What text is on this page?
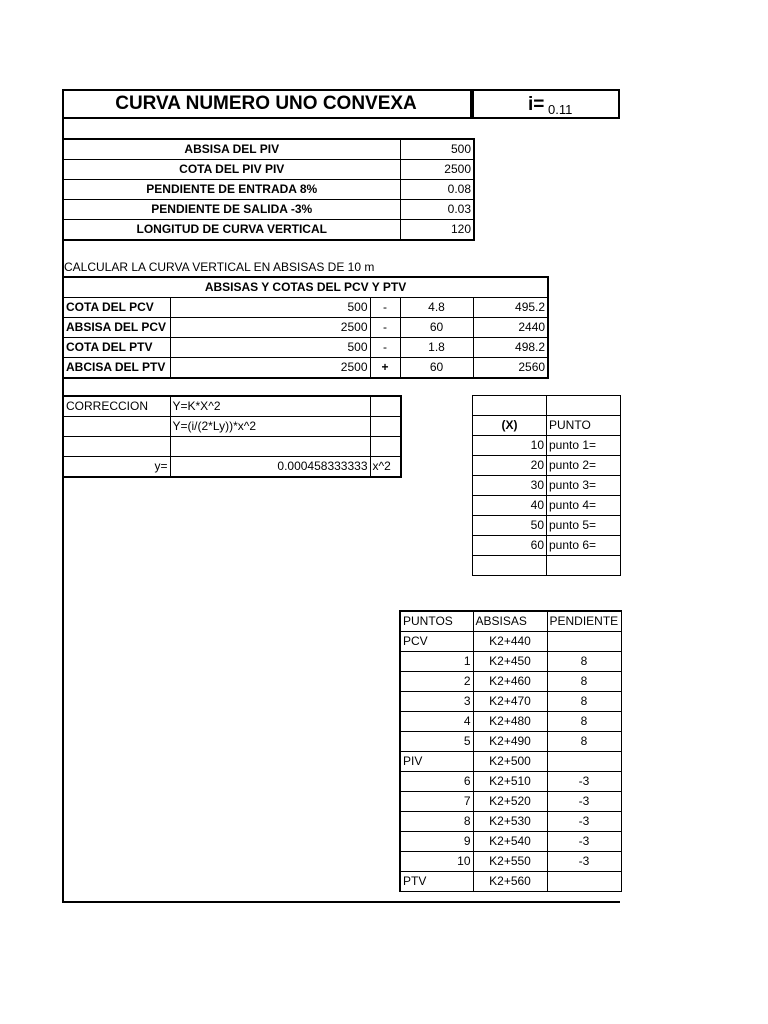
CURVA NUMERO UNO CONVEXA	i= 0.11
ABSISA DEL PIV	500
COTA DEL PIV PIV	2500
PENDIENTE DE ENTRADA 8%	0.08
PENDIENTE DE SALIDA -3%	0.03
LONGITUD DE CURVA VERTICAL	120
CALCULAR LA CURVA VERTICAL EN ABSISAS DE 10 m
ABSISAS Y COTAS DEL PCV Y PTV				
COTA DEL PCV	500	-	4.8	495.2
ABSISA DEL PCV	2500	-	60	2440
COTA DEL PTV	500	-	1.8	498.2
ABCISA DEL PTV	2500	+	60	2560
CORRECCION	Y=K*X^2	
	Y=(i/(2*Ly))*x^2	

y=	0.000458333333	x^2

(X)	PUNTO
10	punto 1=
20	punto 2=
30	punto 3=
40	punto 4=
50	punto 5=
60	punto 6=

PUNTOS	ABSISAS	PENDIENTE
PCV	K2+440	
1	K2+450	8
2	K2+460	8
3	K2+470	8
4	K2+480	8
5	K2+490	8
PIV	K2+500	
6	K2+510	-3
7	K2+520	-3
8	K2+530	-3
9	K2+540	-3
10	K2+550	-3
PTV	K2+560	
